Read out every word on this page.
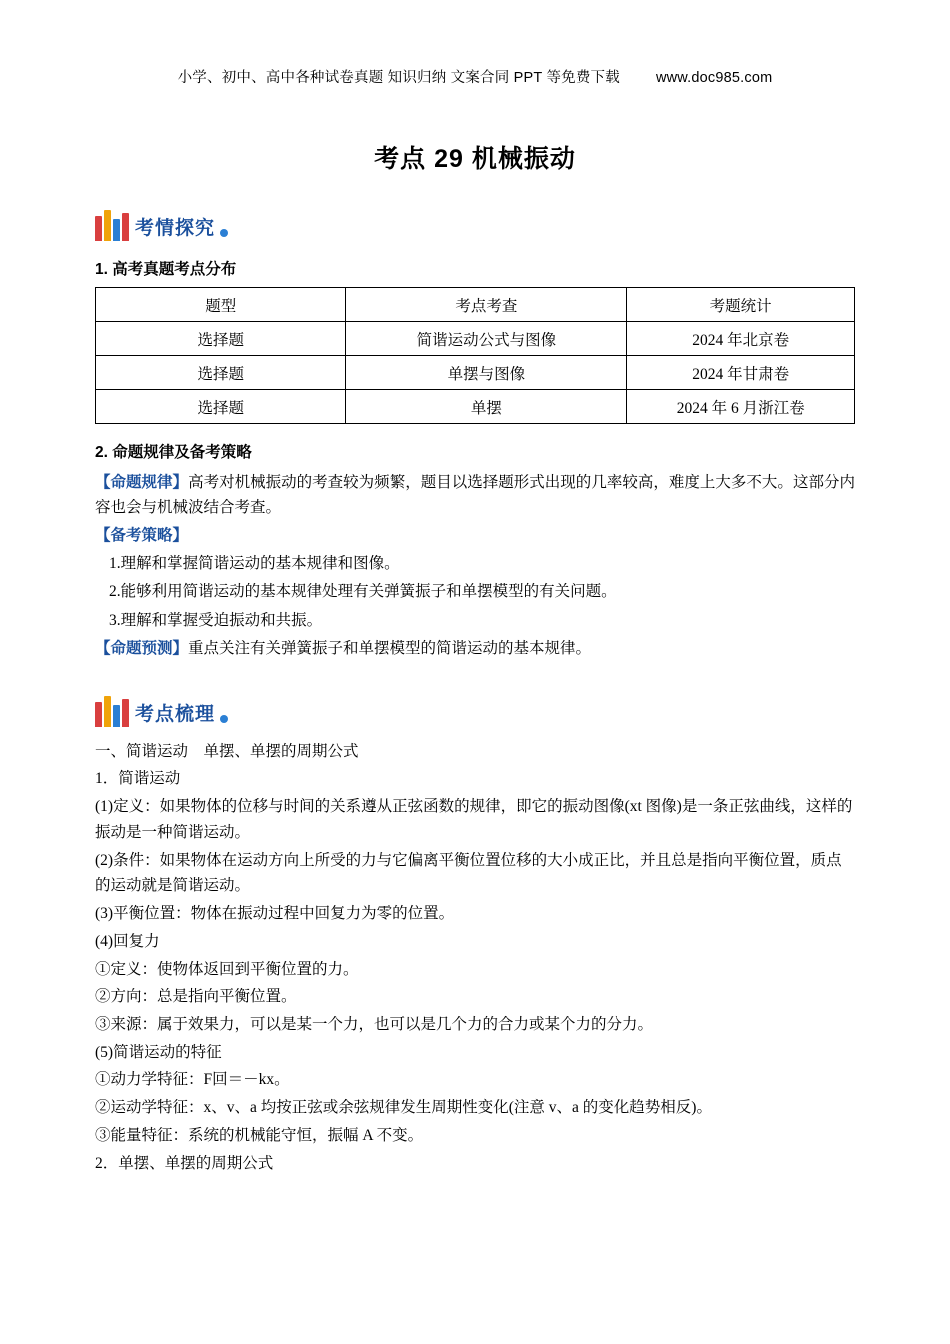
小学、初中、高中各种试卷真题 知识归纳 文案合同 PPT 等免费下载 www.doc985.com
考点 29 机械振动
考情探究
1. 高考真题考点分布
题型	考点考查	考题统计
选择题	简谐运动公式与图像	2024 年北京卷
选择题	单摆与图像	2024 年甘肃卷
选择题	单摆	2024 年 6 月浙江卷
2. 命题规律及备考策略
【命题规律】高考对机械振动的考查较为频繁，题目以选择题形式出现的几率较高，难度上大多不大。这部分内容也会与机械波结合考查。
【备考策略】
1.理解和掌握简谐运动的基本规律和图像。
2.能够利用简谐运动的基本规律处理有关弹簧振子和单摆模型的有关问题。
3.理解和掌握受迫振动和共振。
【命题预测】重点关注有关弹簧振子和单摆模型的简谐运动的基本规律。
考点梳理
一、简谐运动　单摆、单摆的周期公式
1．简谐运动
(1)定义：如果物体的位移与时间的关系遵从正弦函数的规律，即它的振动图像(xt 图像)是一条正弦曲线，这样的振动是一种简谐运动。
(2)条件：如果物体在运动方向上所受的力与它偏离平衡位置位移的大小成正比，并且总是指向平衡位置，质点的运动就是简谐运动。
(3)平衡位置：物体在振动过程中回复力为零的位置。
(4)回复力
①定义：使物体返回到平衡位置的力。
②方向：总是指向平衡位置。
③来源：属于效果力，可以是某一个力，也可以是几个力的合力或某个力的分力。
(5)简谐运动的特征
①动力学特征：F回＝－kx。
②运动学特征：x、v、a 均按正弦或余弦规律发生周期性变化(注意 v、a 的变化趋势相反)。
③能量特征：系统的机械能守恒，振幅 A 不变。
2．单摆、单摆的周期公式
